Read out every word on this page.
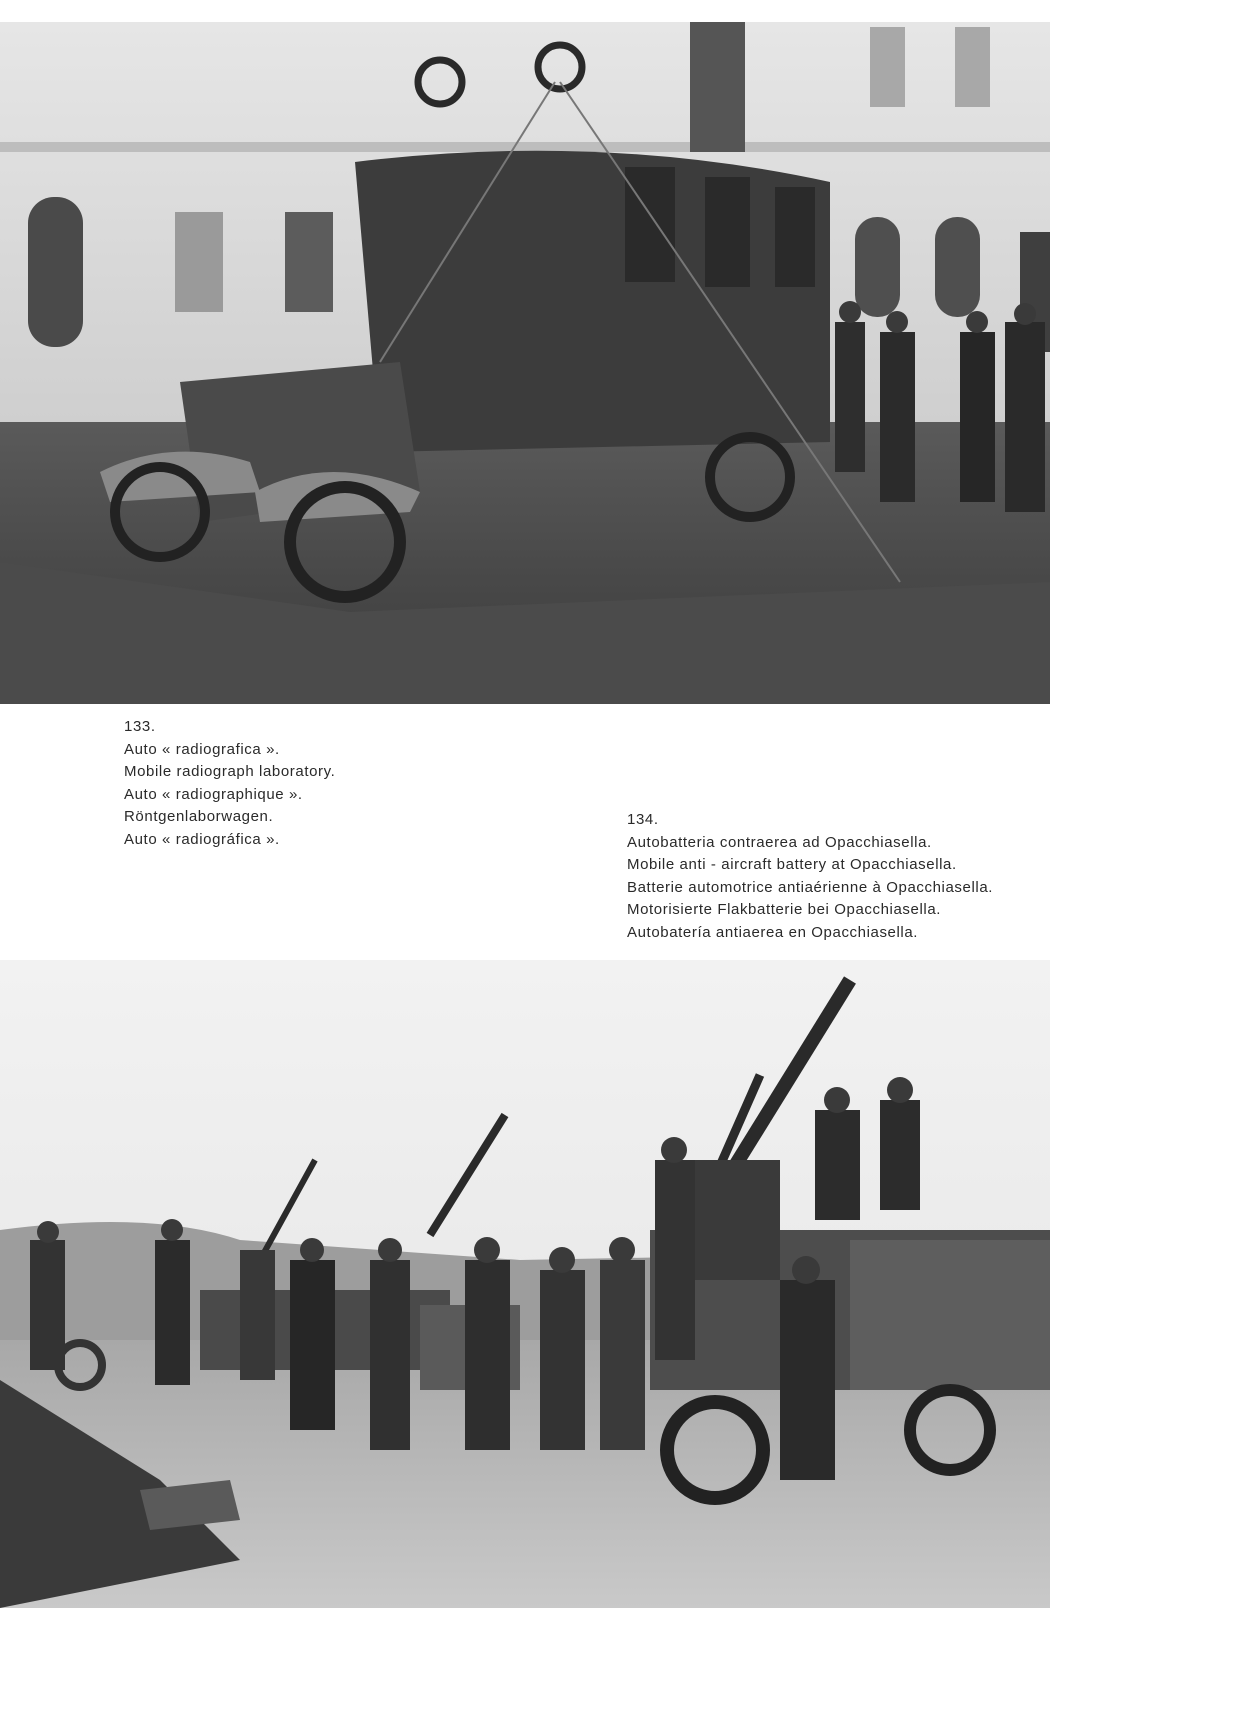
133.
Auto « radiografica ».
Mobile radiograph laboratory.
Auto « radiographique ».
Röntgenlaborwagen.
Auto « radiográfica ».
134.
Autobatteria contraerea ad Opacchiasella.
Mobile anti - aircraft battery at Opacchiasella.
Batterie automotrice antiaérienne à Opacchiasella.
Motorisierte Flakbatterie bei Opacchiasella.
Autobatería antiaerea en Opacchiasella.
